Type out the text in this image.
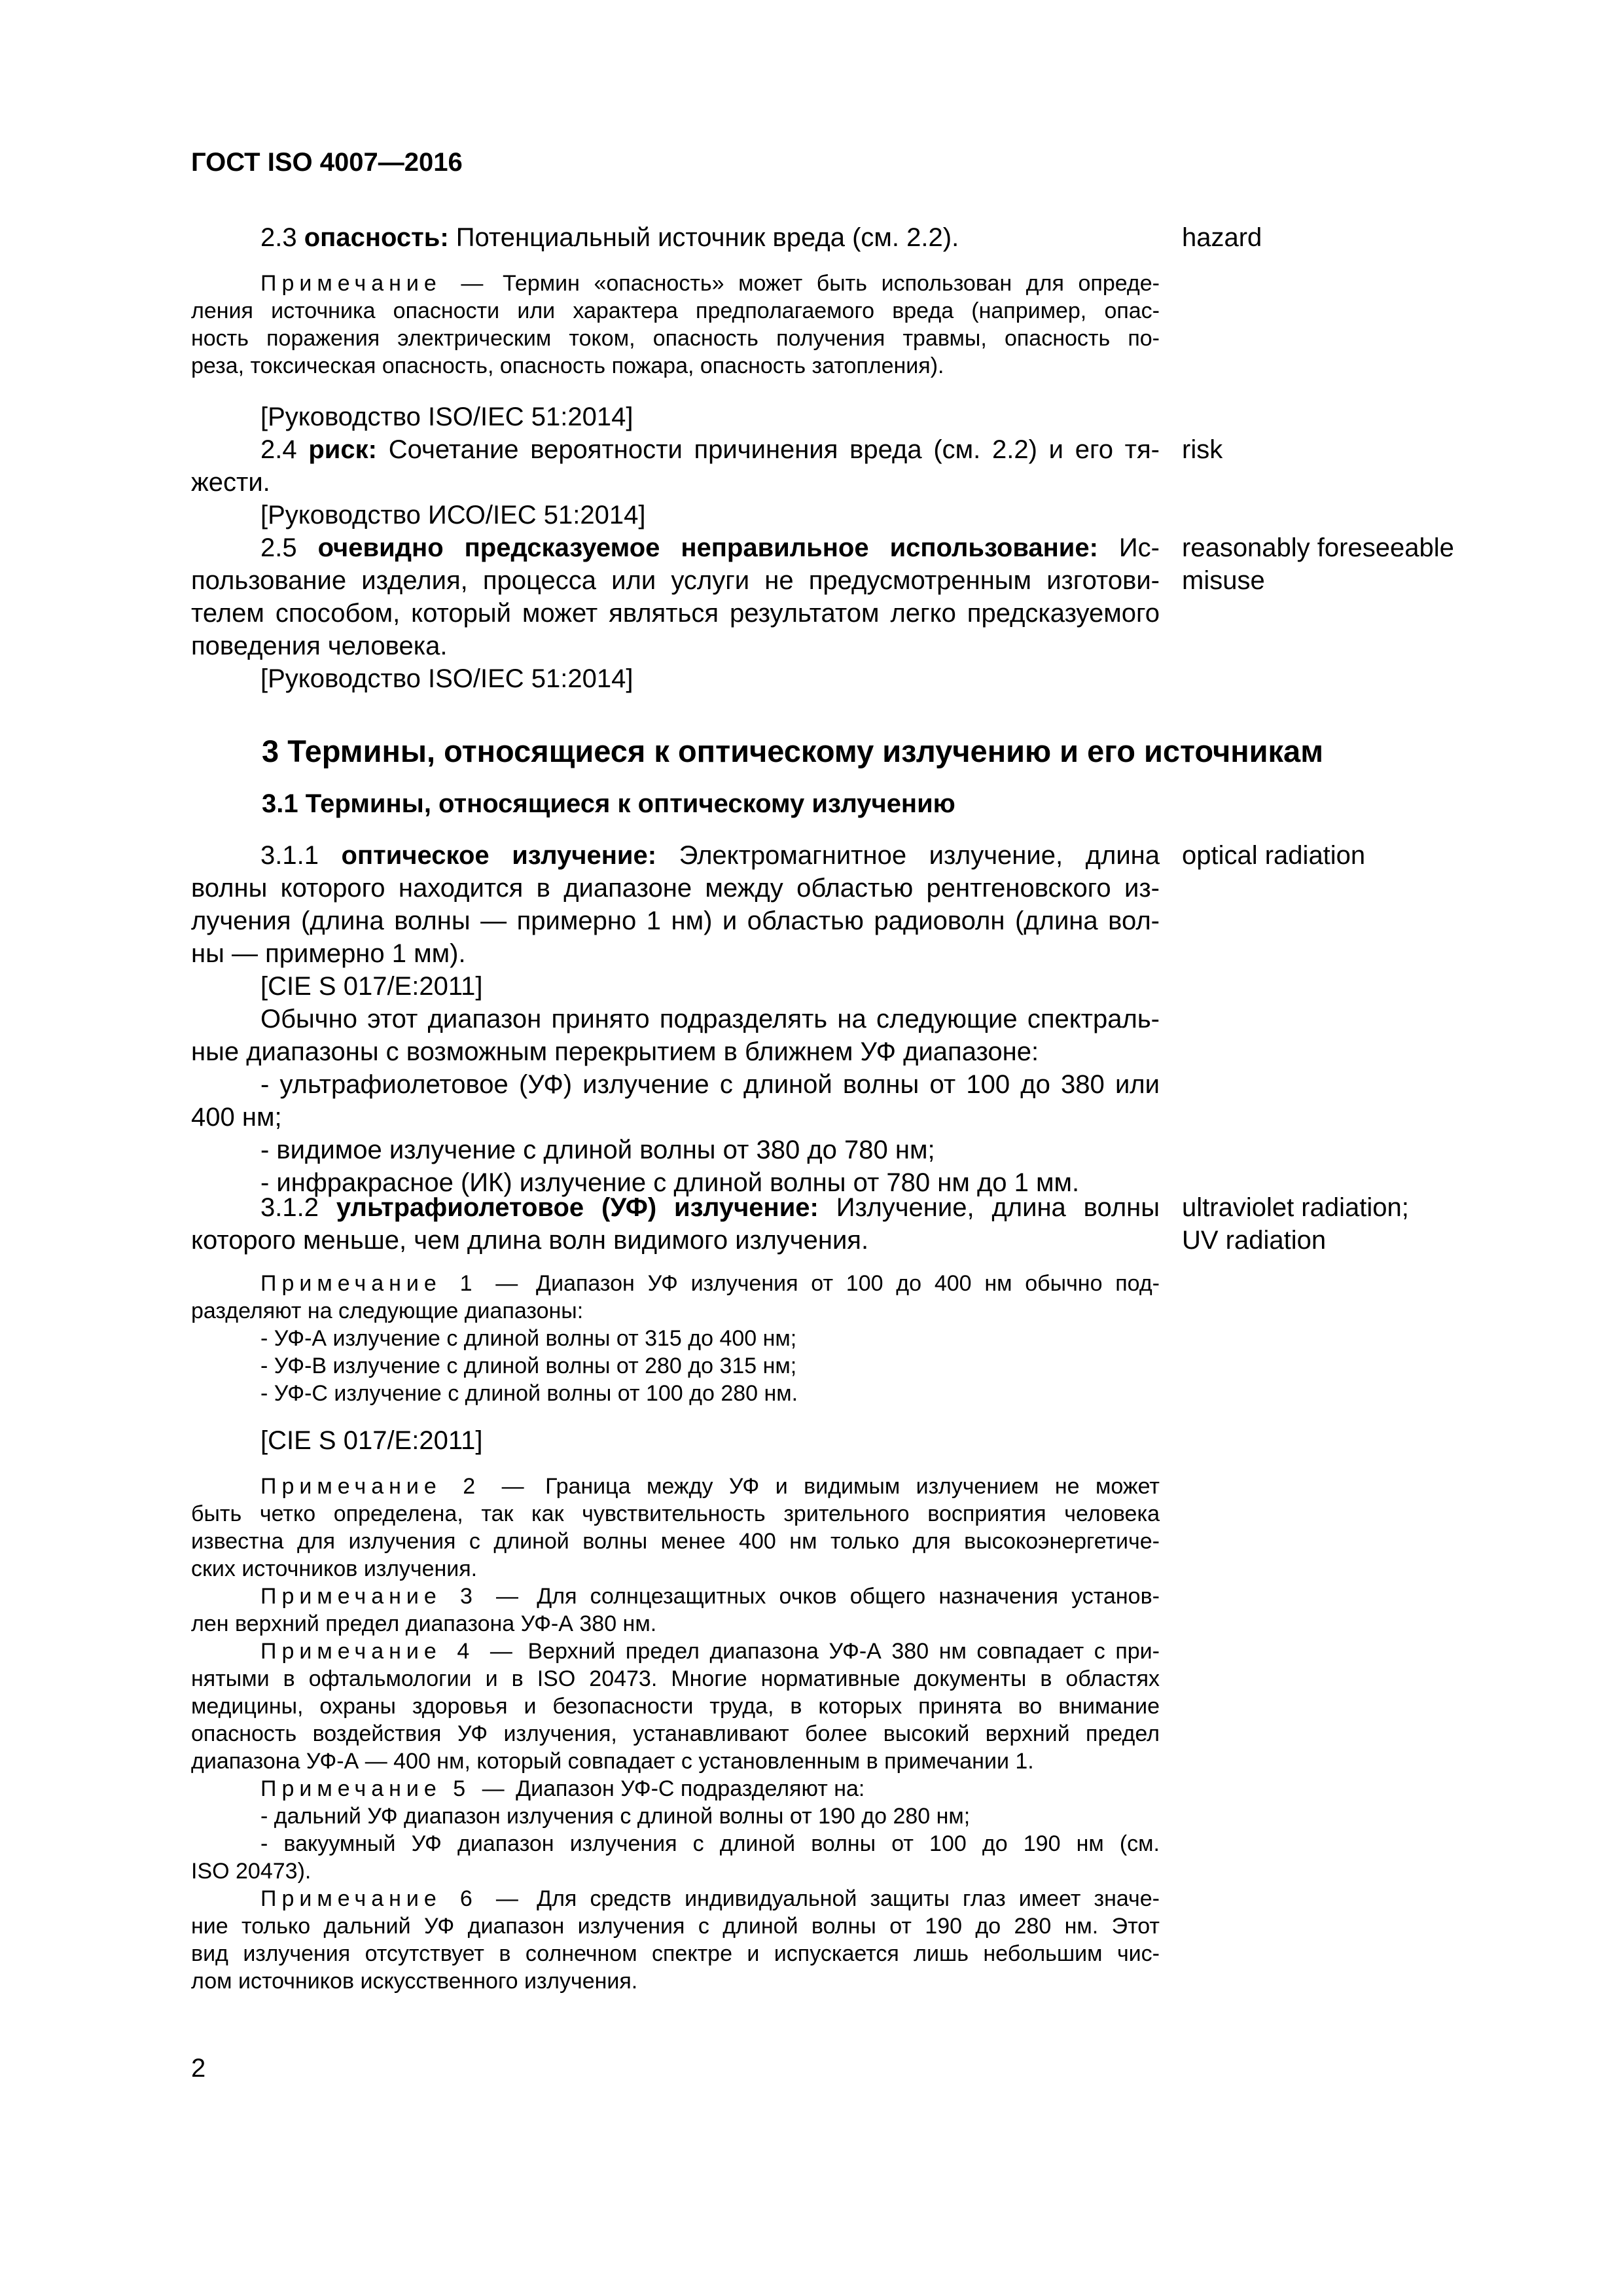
ГОСТ ISO 4007—2016

2.3 опасность: Потенциальный источник вреда (см. 2.2).	hazard

Примечание — Термин «опасность» может быть использован для опреде-

ления источника опасности или характера предполагаемого вреда (например, опас-

ность поражения электрическим током, опасность получения травмы, опасность по-

реза, токсическая опасность, опасность пожара, опасность затопления).

[Руководство ISO/IEC 51:2014]

2.4 риск: Сочетание вероятности причинения вреда (см. 2.2) и его тя-

жести.

[Руководство ИСО/IEC 51:2014]

risk

2.5 очевидно предсказуемое неправильное использование: Ис-

пользование изделия, процесса или услуги не предусмотренным изготови-

телем способом, который может являться результатом легко предсказуемого

поведения человека.

[Руководство ISO/IEC 51:2014]

reasonably foreseeable

misuse

3 Термины, относящиеся к оптическому излучению и его источникам
3.1 Термины, относящиеся к оптическому излучению

3.1.1 оптическое излучение: Электромагнитное излучение, длина

волны которого находится в диапазоне между областью рентгеновского из-

лучения (длина волны — примерно 1 нм) и областью радиоволн (длина вол-

ны — примерно 1 мм).

[CIE S 017/E:2011]

Обычно этот диапазон принято подразделять на следующие спектраль-

ные диапазоны с возможным перекрытием в ближнем УФ диапазоне:

- ультрафиолетовое (УФ) излучение с длиной волны от 100 до 380 или

400 нм;

- видимое излучение с длиной волны от 380 до 780 нм;

- инфракрасное (ИК) излучение с длиной волны от 780 нм до 1 мм.

optical radiation

3.1.2 ультрафиолетовое (УФ) излучение: Излучение, длина волны

которого меньше, чем длина волн видимого излучения.

ultraviolet radiation;

UV radiation

Примечание 1 — Диапазон УФ излучения от 100 до 400 нм обычно под-

разделяют на следующие диапазоны:

- УФ-А излучение с длиной волны от 315 до 400 нм;

- УФ-В излучение с длиной волны от 280 до 315 нм;

- УФ-С излучение с длиной волны от 100 до 280 нм.

[CIE S 017/E:2011]

Примечание 2 — Граница между УФ и видимым излучением не может

быть четко определена, так как чувствительность зрительного восприятия человека

известна для излучения с длиной волны менее 400 нм только для высокоэнергетиче-

ских источников излучения.

Примечание 3 — Для солнцезащитных очков общего назначения установ-

лен верхний предел диапазона УФ-А 380 нм.

Примечание 4 — Верхний предел диапазона УФ-А 380 нм совпадает с при-

нятыми в офтальмологии и в ISO 20473. Многие нормативные документы в областях

медицины, охраны здоровья и безопасности труда, в которых принята во внимание

опасность воздействия УФ излучения, устанавливают более высокий верхний предел

диапазона УФ-А — 400 нм, который совпадает с установленным в примечании 1.

Примечание 5 — Диапазон УФ-С подразделяют на:

- дальний УФ диапазон излучения с длиной волны от 190 до 280 нм;

- вакуумный УФ диапазон излучения с длиной волны от 100 до 190 нм (см.

ISO 20473).

Примечание 6 — Для средств индивидуальной защиты глаз имеет значе-

ние только дальний УФ диапазон излучения с длиной волны от 190 до 280 нм. Этот

вид излучения отсутствует в солнечном спектре и испускается лишь небольшим чис-

лом источников искусственного излучения.

2
